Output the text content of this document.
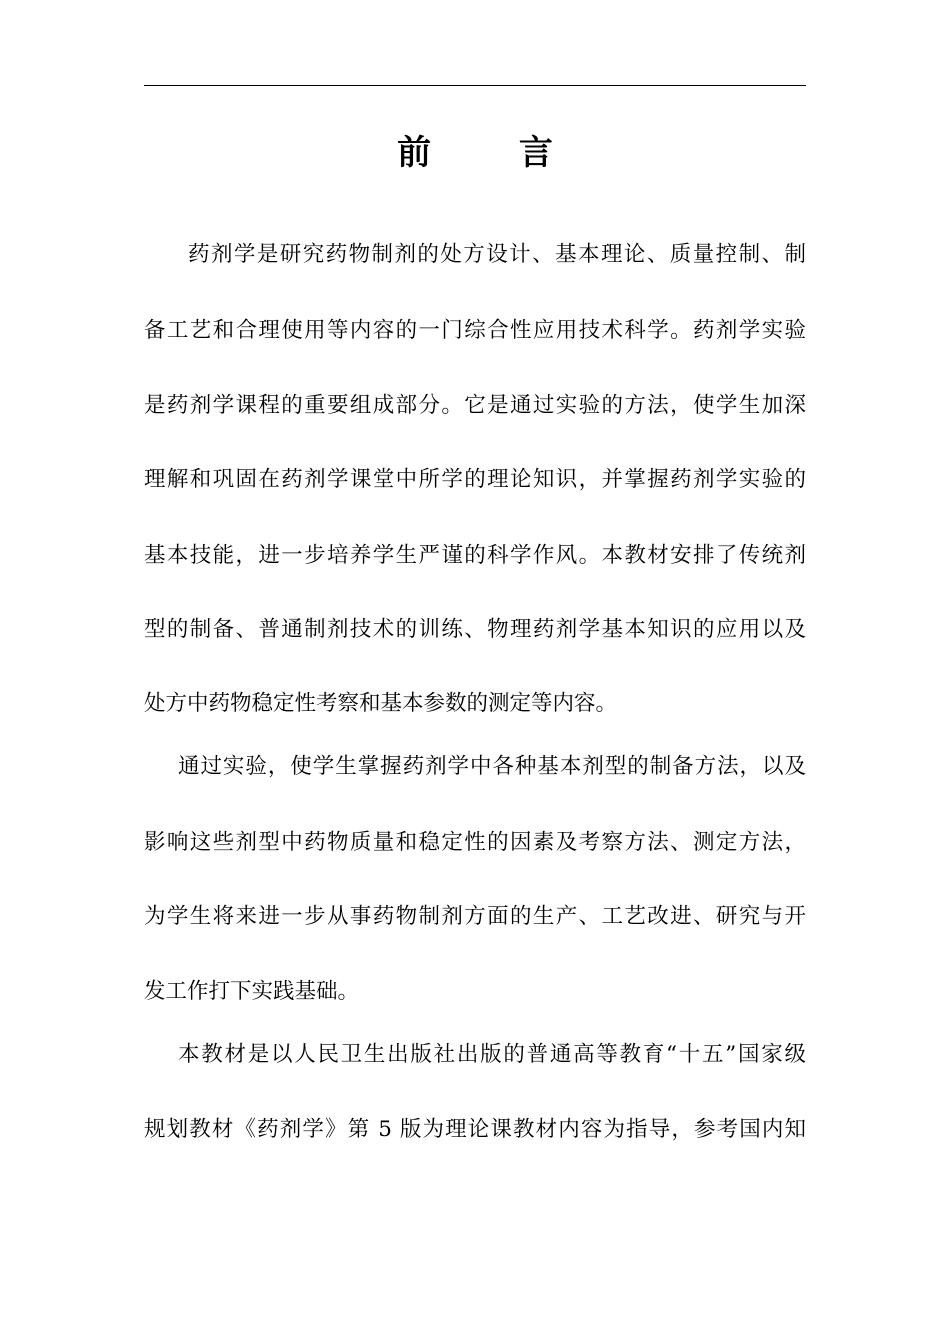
前 言
药剂学是研究药物制剂的处方设计、基本理论、质量控制、制
备工艺和合理使用等内容的一门综合性应用技术科学。药剂学实验
是药剂学课程的重要组成部分。它是通过实验的方法，使学生加深
理解和巩固在药剂学课堂中所学的理论知识，并掌握药剂学实验的
基本技能，进一步培养学生严谨的科学作风。本教材安排了传统剂
型的制备、普通制剂技术的训练、物理药剂学基本知识的应用以及
处方中药物稳定性考察和基本参数的测定等内容。
通过实验，使学生掌握药剂学中各种基本剂型的制备方法，以及
影响这些剂型中药物质量和稳定性的因素及考察方法、测定方法，
为学生将来进一步从事药物制剂方面的生产、工艺改进、研究与开
发工作打下实践基础。
本教材是以人民卫生出版社出版的普通高等教育“十五”国家级
规划教材《药剂学》第 5 版为理论课教材内容为指导，参考国内知
